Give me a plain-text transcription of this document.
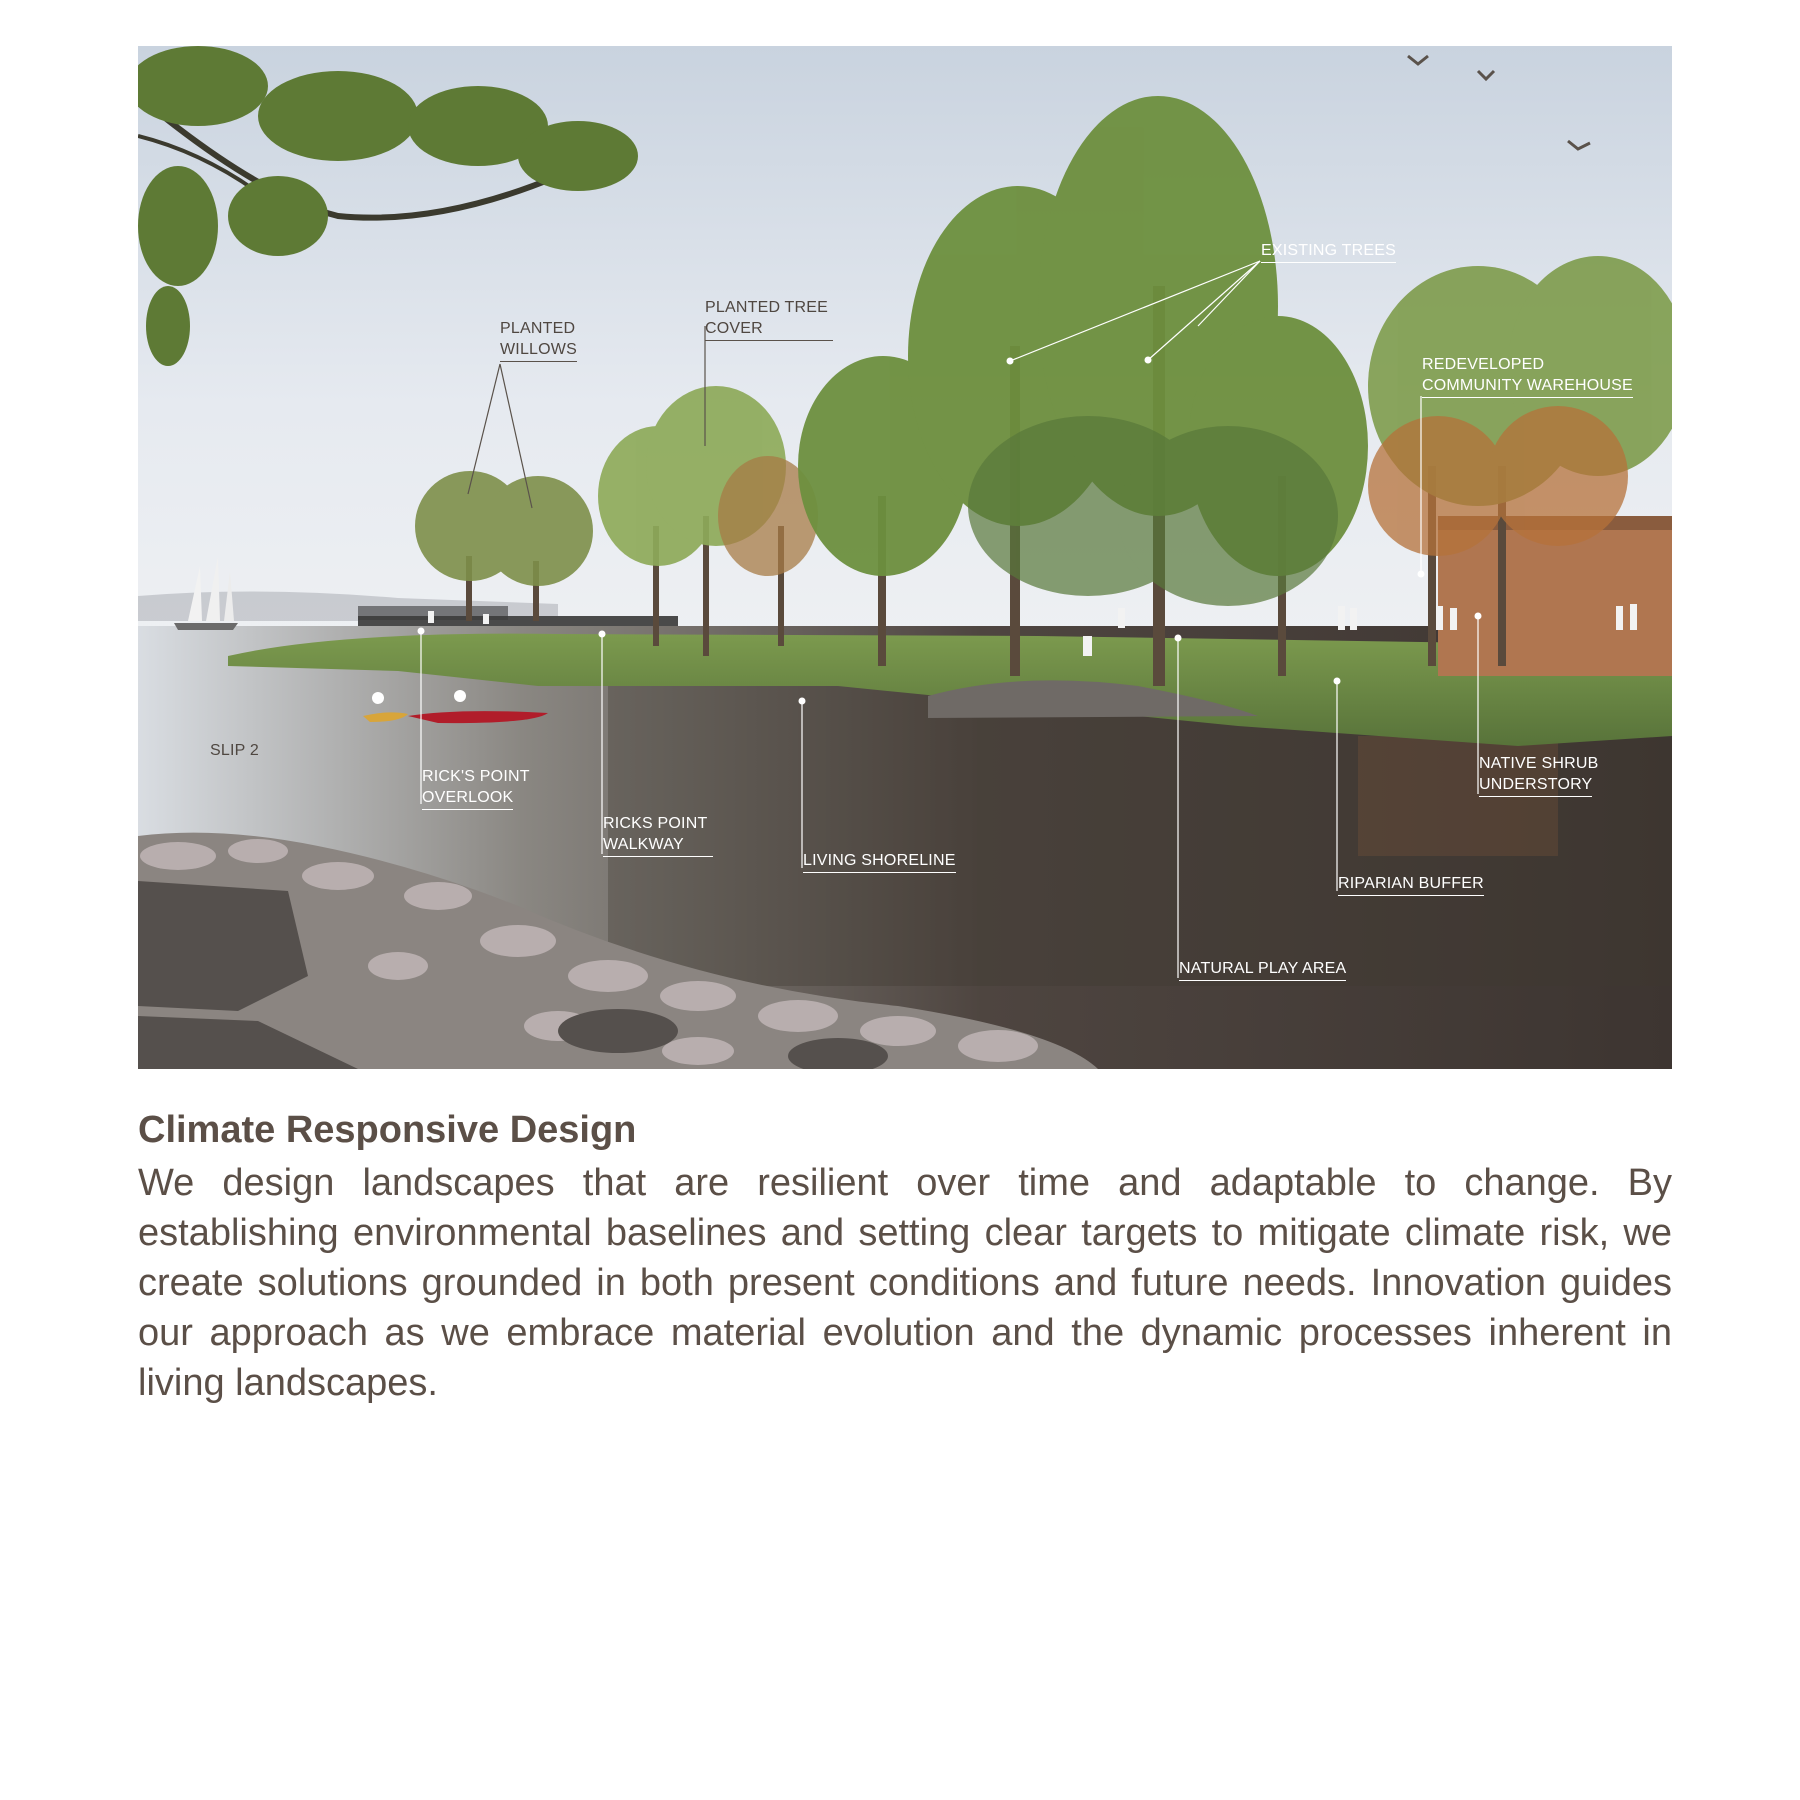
PLANTED
WILLOWS
PLANTED TREE
COVER
EXISTING TREES
REDEVELOPED
COMMUNITY WAREHOUSE
SLIP 2
RICK'S POINT
OVERLOOK
RICKS POINT
WALKWAY
LIVING SHORELINE
NATIVE SHRUB
UNDERSTORY
RIPARIAN BUFFER
NATURAL PLAY AREA
Climate Responsive Design

We design landscapes that are resilient over time and adaptable to change. By establishing environmental baselines and setting clear targets to mitigate climate risk, we create solutions grounded in both present conditions and future needs. Innovation guides our approach as we embrace material evolution and the dynamic processes inherent in living landscapes.
